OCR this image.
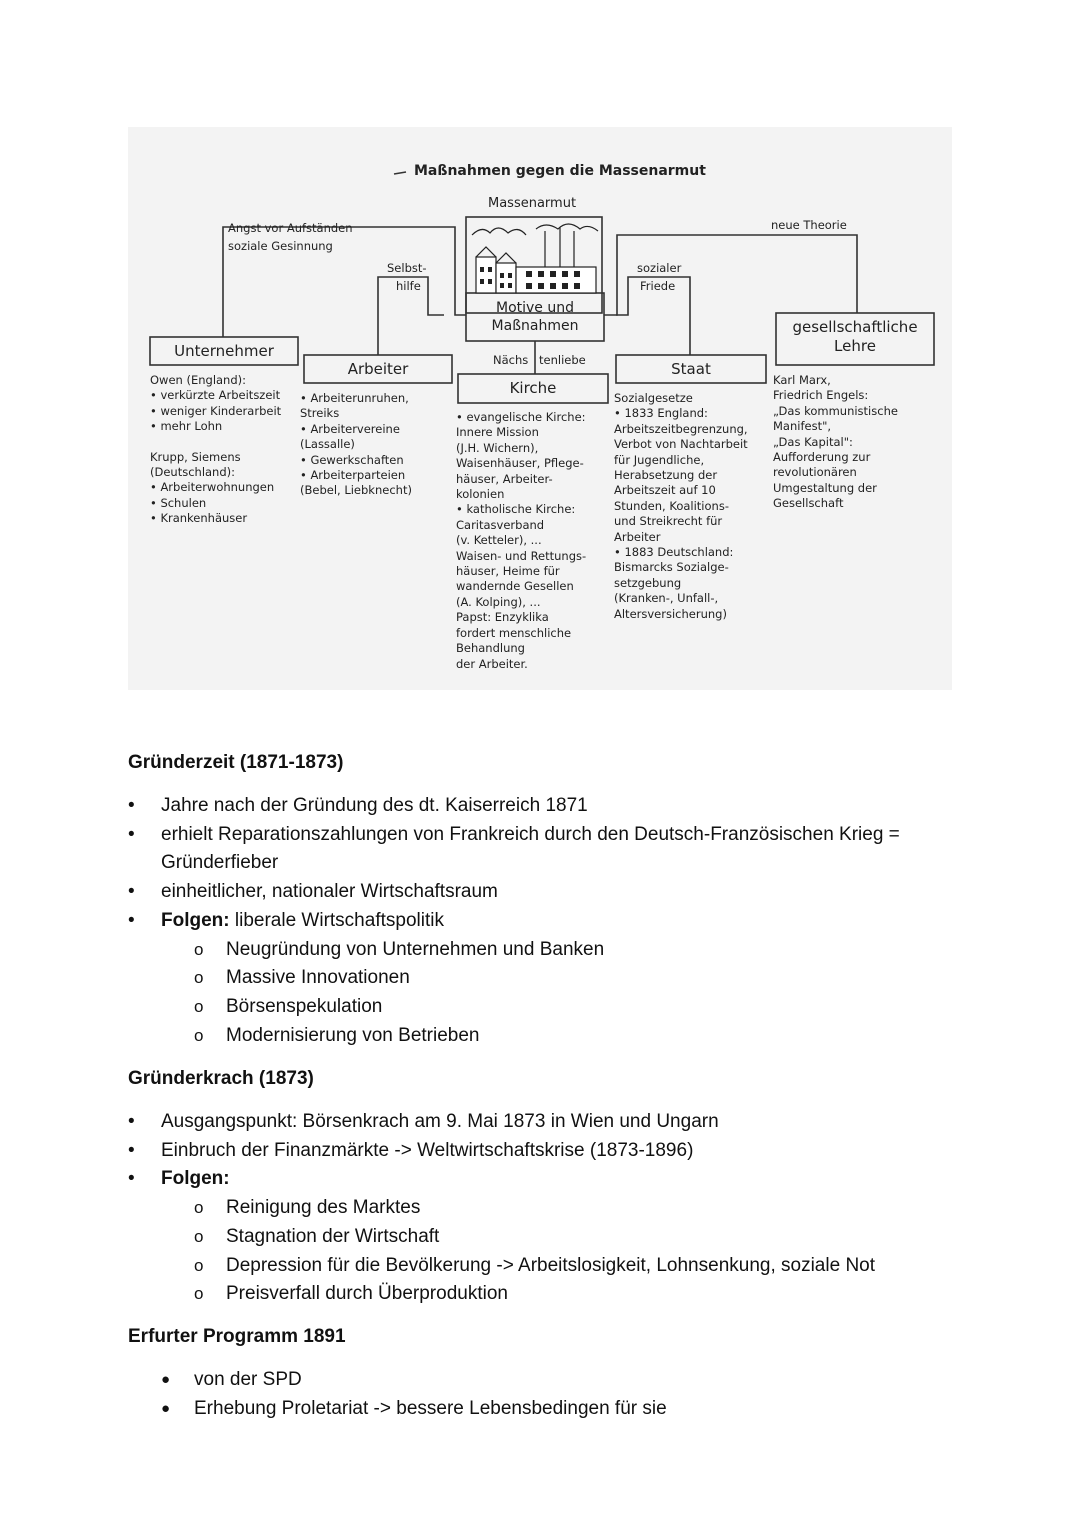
Maßnahmen gegen die Massenarmut
Massenarmut
Motive und
Maßnahmen
Angst vor Aufständen
soziale Gesinnung
Selbst-
hilfe
sozialer
Friede
neue Theorie
Nächs tenliebe
Unternehmer
Arbeiter
Kirche
Staat
gesellschaftliche
Lehre
Owen (England):
• verkürzte Arbeitszeit
• weniger Kinderarbeit
• mehr Lohn
Krupp, Siemens
(Deutschland):
• Arbeiterwohnungen
• Schulen
• Krankenhäuser
• Arbeiterunruhen,
Streiks
• Arbeitervereine
(Lassalle)
• Gewerkschaften
• Arbeiterparteien
(Bebel, Liebknecht)
• evangelische Kirche:
Innere Mission
(J.H. Wichern),
Waisenhäuser, Pflege-
häuser, Arbeiter-
kolonien
• katholische Kirche:
Caritasverband
(v. Ketteler), ...
Waisen- und Rettungs-
häuser, Heime für
wandernde Gesellen
(A. Kolping), ...
Papst: Enzyklika
fordert menschliche
Behandlung
der Arbeiter.
Sozialgesetze
• 1833 England:
Arbeitszeitbegrenzung,
Verbot von Nachtarbeit
für Jugendliche,
Herabsetzung der
Arbeitszeit auf 10
Stunden, Koalitions-
und Streikrecht für
Arbeiter
• 1883 Deutschland:
Bismarcks Sozialge-
setzgebung
(Kranken-, Unfall-,
Altersversicherung)
Karl Marx,
Friedrich Engels:
„Das kommunistische
Manifest",
„Das Kapital":
Aufforderung zur
revolutionären
Umgestaltung der
Gesellschaft
Gründerzeit (1871-1873)
• Jahre nach der Gründung des dt. Kaiserreich 1871
• erhielt Reparationszahlungen von Frankreich durch den Deutsch-Französischen Krieg =
Gründerfieber
• einheitlicher, nationaler Wirtschaftsraum
• Folgen: liberale Wirtschaftspolitik
o Neugründung von Unternehmen und Banken
o Massive Innovationen
o Börsenspekulation
o Modernisierung von Betrieben
Gründerkrach (1873)
• Ausgangspunkt: Börsenkrach am 9. Mai 1873 in Wien und Ungarn
• Einbruch der Finanzmärkte -> Weltwirtschaftskrise (1873-1896)
• Folgen:
o Reinigung des Marktes
o Stagnation der Wirtschaft
o Depression für die Bevölkerung -> Arbeitslosigkeit, Lohnsenkung, soziale Not
o Preisverfall durch Überproduktion
Erfurter Programm 1891
● von der SPD
● Erhebung Proletariat -> bessere Lebensbedingen für sie
